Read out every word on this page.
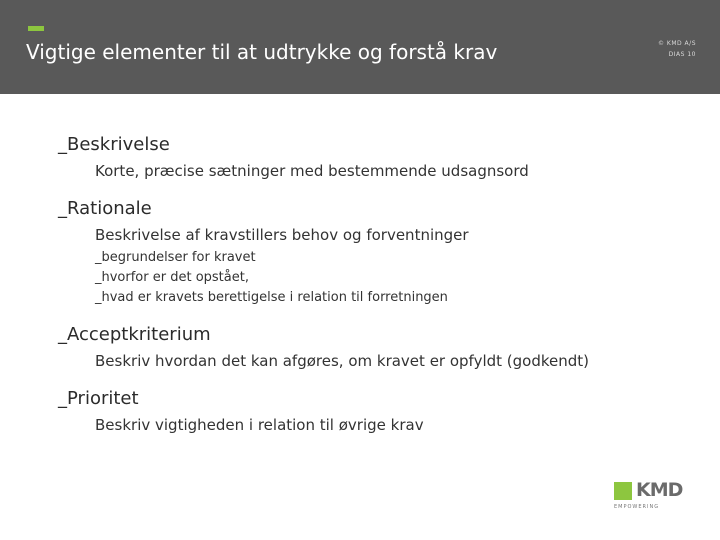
Vigtige elementer til at udtrykke og forstå krav	© KMD A/S
DIAS 10
_Beskrivelse
Korte, præcise sætninger med bestemmende udsagnsord
_Rationale
Beskrivelse af kravstillers behov og forventninger
_begrundelser for kravet
_hvorfor er det opstået,
_hvad er kravets berettigelse i relation til forretningen
_Acceptkriterium
Beskriv hvordan det kan afgøres, om kravet er opfyldt (godkendt)
_Prioritet
Beskriv vigtigheden i relation til øvrige krav
KMD
EMPOWERING
